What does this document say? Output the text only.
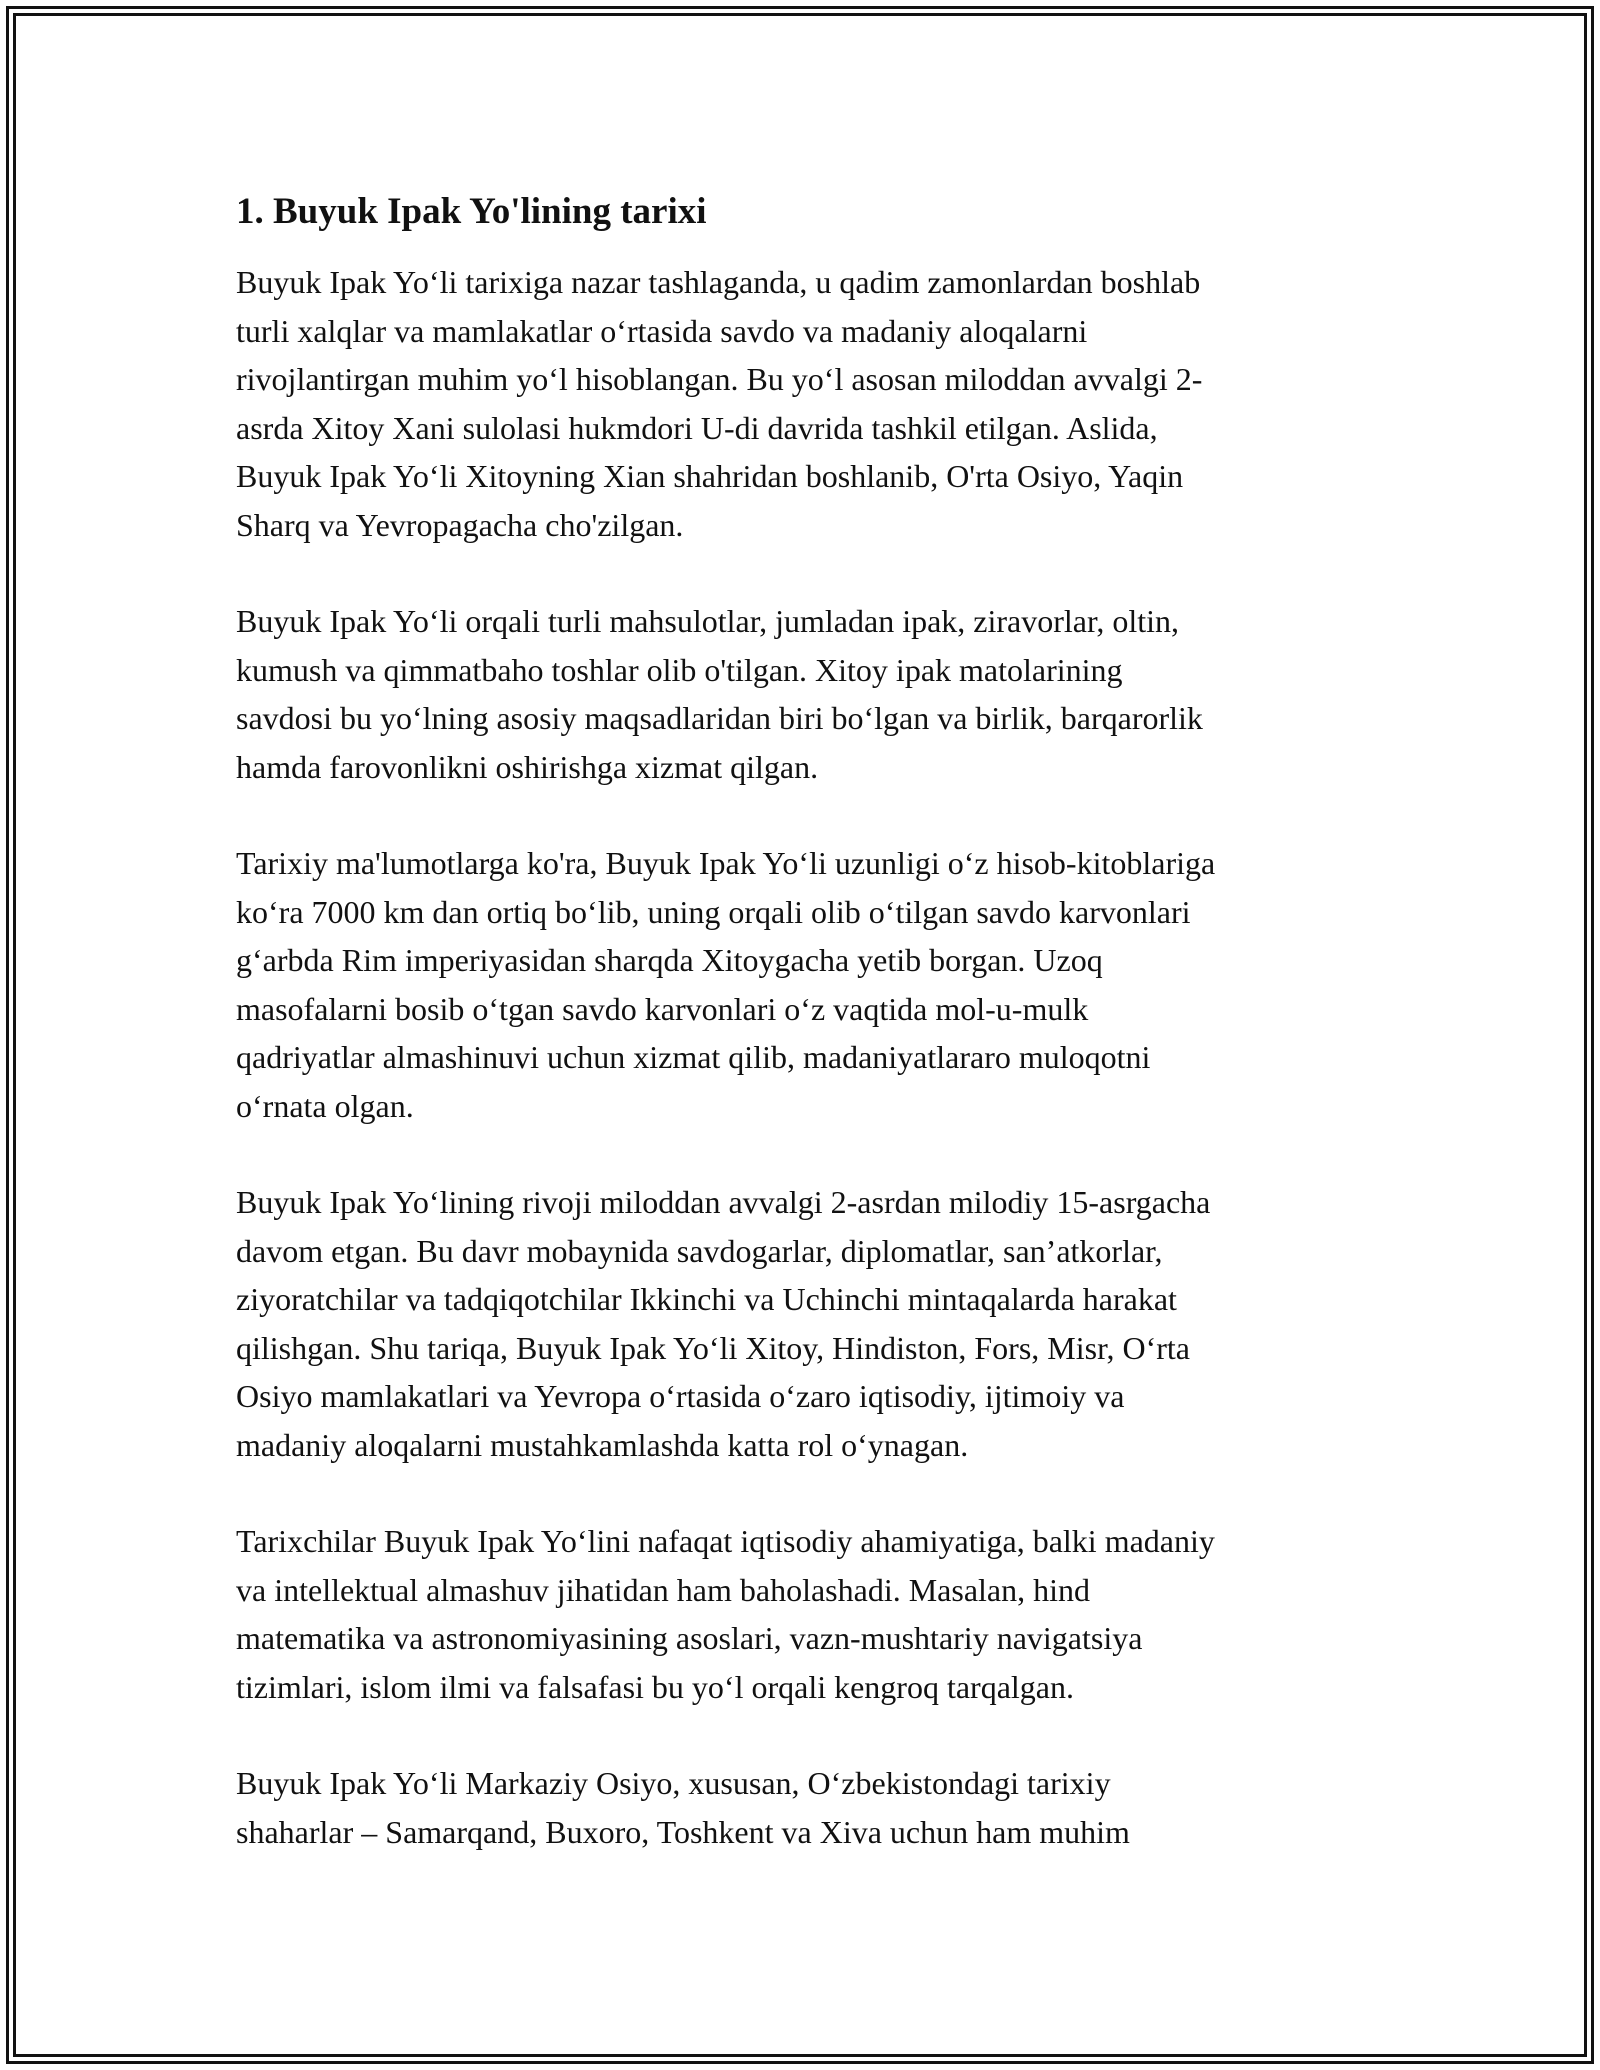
1. Buyuk Ipak Yo'lining tarixi

Buyuk Ipak Yo‘li tarixiga nazar tashlaganda, u qadim zamonlardan boshlab
turli xalqlar va mamlakatlar o‘rtasida savdo va madaniy aloqalarni
rivojlantirgan muhim yo‘l hisoblangan. Bu yo‘l asosan miloddan avvalgi 2-
asrda Xitoy Xani sulolasi hukmdori U-di davrida tashkil etilgan. Aslida,
Buyuk Ipak Yo‘li Xitoyning Xian shahridan boshlanib, O'rta Osiyo, Yaqin
Sharq va Yevropagacha cho'zilgan.

Buyuk Ipak Yo‘li orqali turli mahsulotlar, jumladan ipak, ziravorlar, oltin,
kumush va qimmatbaho toshlar olib o'tilgan. Xitoy ipak matolarining
savdosi bu yo‘lning asosiy maqsadlaridan biri bo‘lgan va birlik, barqarorlik
hamda farovonlikni oshirishga xizmat qilgan.

Tarixiy ma'lumotlarga ko'ra, Buyuk Ipak Yo‘li uzunligi o‘z hisob-kitoblariga
ko‘ra 7000 km dan ortiq bo‘lib, uning orqali olib o‘tilgan savdo karvonlari
g‘arbda Rim imperiyasidan sharqda Xitoygacha yetib borgan. Uzoq
masofalarni bosib o‘tgan savdo karvonlari o‘z vaqtida mol-u-mulk
qadriyatlar almashinuvi uchun xizmat qilib, madaniyatlararo muloqotni
o‘rnata olgan.

Buyuk Ipak Yo‘lining rivoji miloddan avvalgi 2-asrdan milodiy 15-asrgacha
davom etgan. Bu davr mobaynida savdogarlar, diplomatlar, san’atkorlar,
ziyoratchilar va tadqiqotchilar Ikkinchi va Uchinchi mintaqalarda harakat
qilishgan. Shu tariqa, Buyuk Ipak Yo‘li Xitoy, Hindiston, Fors, Misr, O‘rta
Osiyo mamlakatlari va Yevropa o‘rtasida o‘zaro iqtisodiy, ijtimoiy va
madaniy aloqalarni mustahkamlashda katta rol o‘ynagan.

Tarixchilar Buyuk Ipak Yo‘lini nafaqat iqtisodiy ahamiyatiga, balki madaniy
va intellektual almashuv jihatidan ham baholashadi. Masalan, hind
matematika va astronomiyasining asoslari, vazn-mushtariy navigatsiya
tizimlari, islom ilmi va falsafasi bu yo‘l orqali kengroq tarqalgan.

Buyuk Ipak Yo‘li Markaziy Osiyo, xususan, O‘zbekistondagi tarixiy
shaharlar – Samarqand, Buxoro, Toshkent va Xiva uchun ham muhim
